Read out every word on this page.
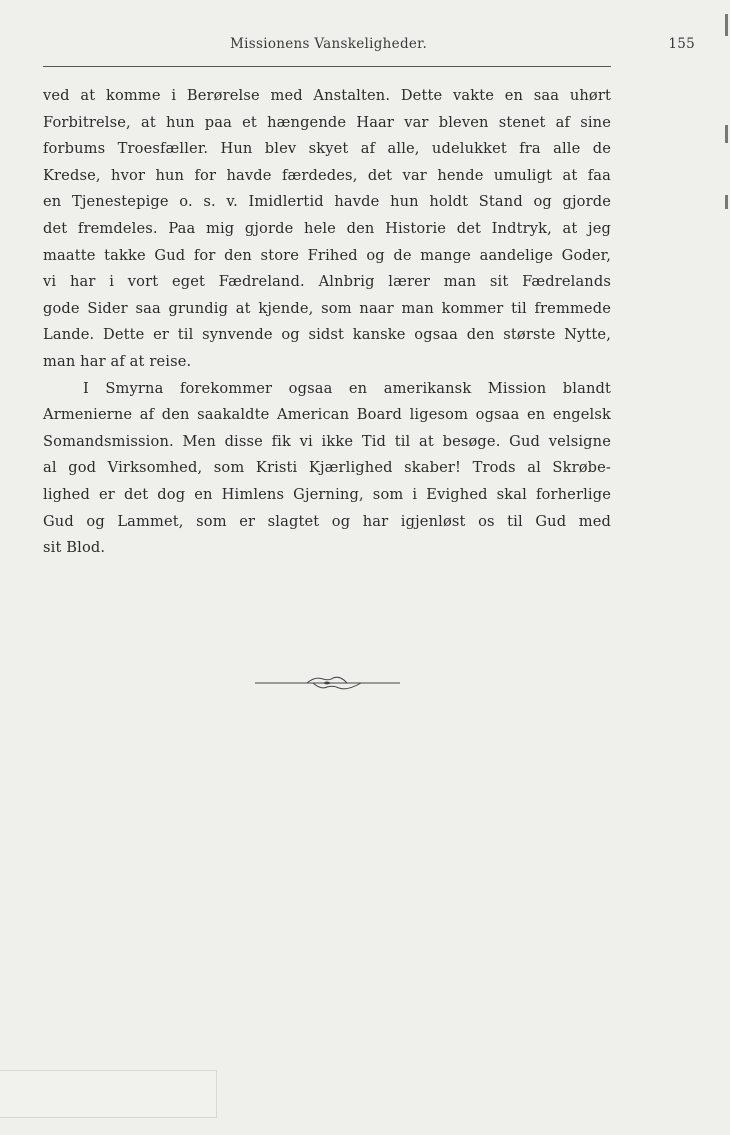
Missionens Vanskeligheder.	155
ved at komme i Berørelse med Anstalten. Dette vakte en saa uhørt
Forbitrelse, at hun paa et hængende Haar var bleven stenet af sine
forbums Troesfæller. Hun blev skyet af alle, udelukket fra alle de
Kredse, hvor hun for havde færdedes, det var hende umuligt at faa
en Tjenestepige o. s. v. Imidlertid havde hun holdt Stand og gjorde
det fremdeles. Paa mig gjorde hele den Historie det Indtryk, at jeg
maatte takke Gud for den store Frihed og de mange aandelige Goder,
vi har i vort eget Fædreland. Alnbrig lærer man sit Fædrelands
gode Sider saa grundig at kjende, som naar man kommer til fremmede
Lande. Dette er til synvende og sidst kanske ogsaa den største Nytte,
man har af at reise.
I Smyrna forekommer ogsaa en amerikansk Mission blandt
Armenierne af den saakaldte American Board ligesom ogsaa en engelsk
Somandsmission. Men disse fik vi ikke Tid til at besøge. Gud velsigne
al god Virksomhed, som Kristi Kjærlighed skaber! Trods al Skrøbe-
lighed er det dog en Himlens Gjerning, som i Evighed skal forherlige
Gud og Lammet, som er slagtet og har igjenløst os til Gud med
sit Blod.
